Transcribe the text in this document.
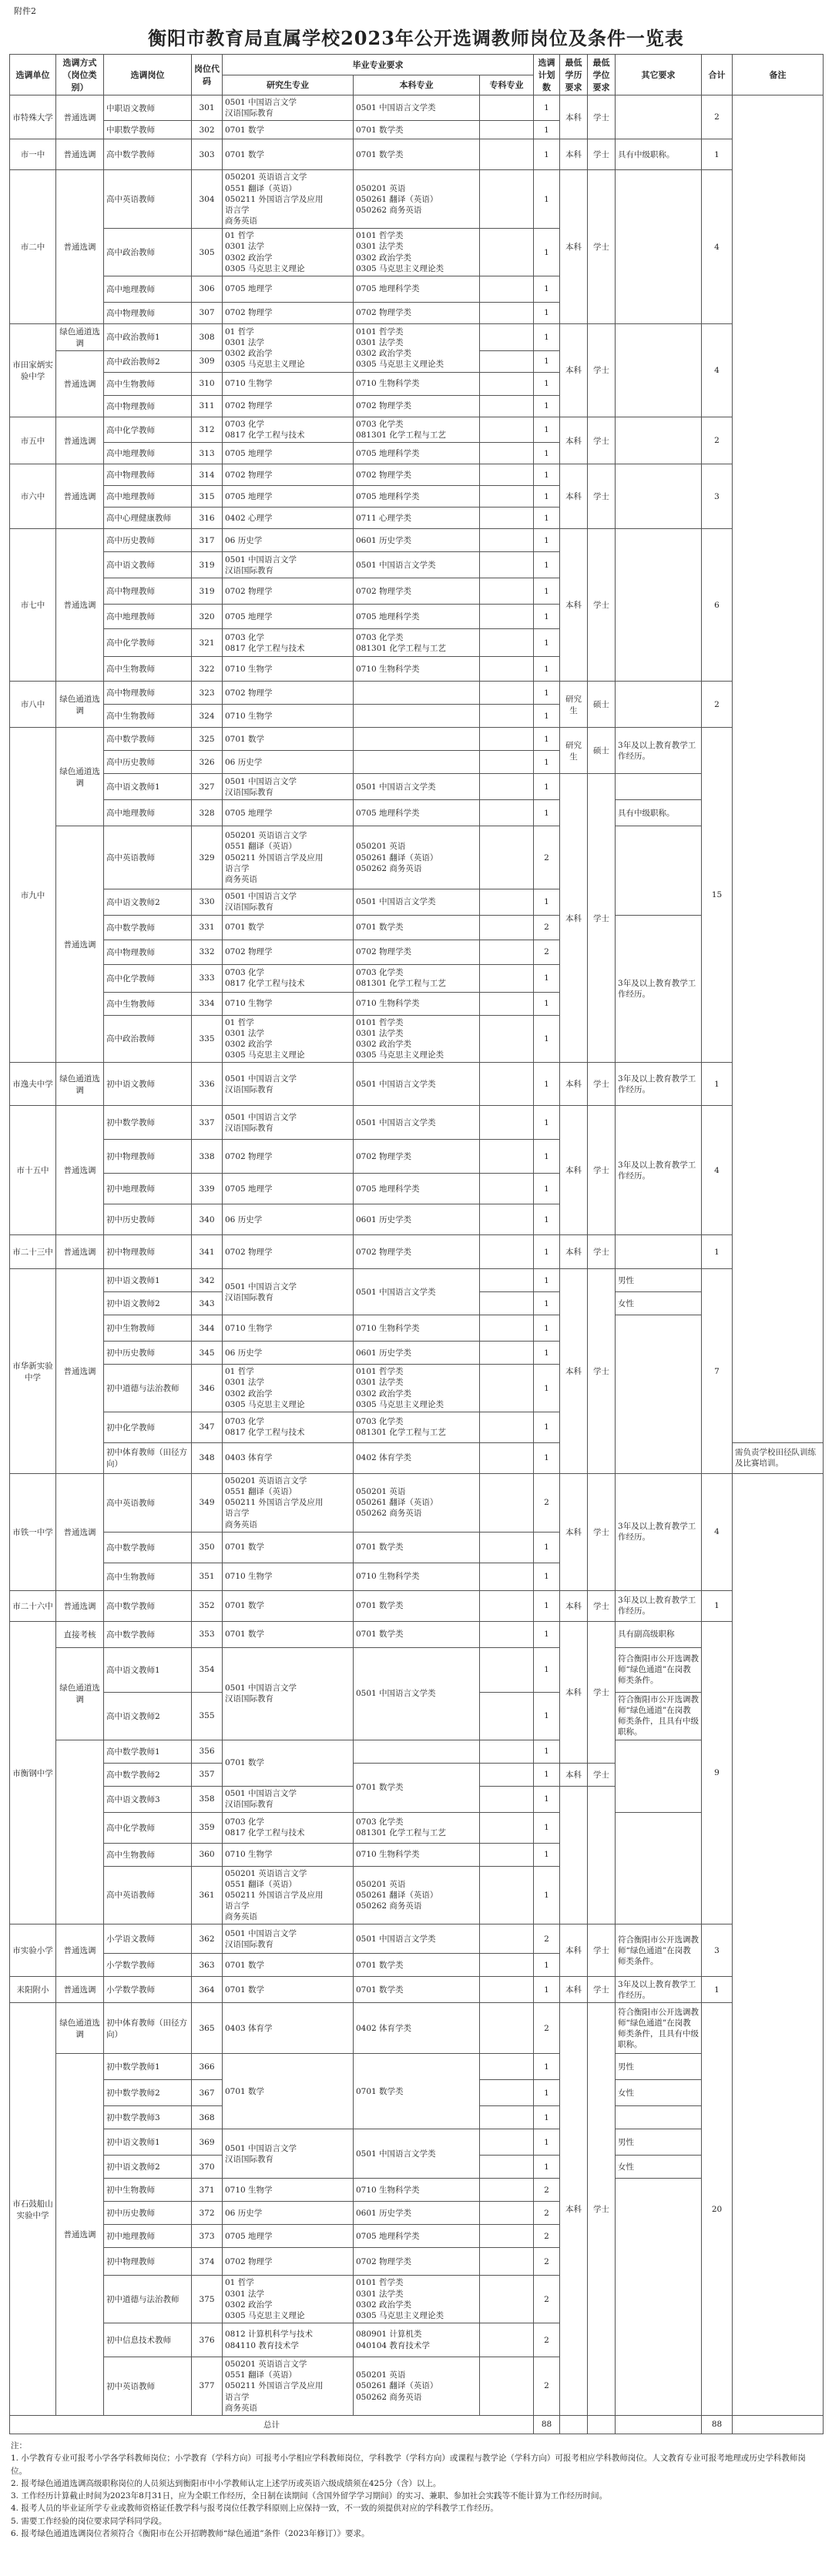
附件2
衡阳市教育局直属学校2023年公开选调教师岗位及条件一览表
选调单位	选调方式（岗位类别）	选调岗位	岗位代码	毕业专业要求			选调计划数	最低学历要求	最低学位要求	其它要求	合计	备注
				研究生专业	本科专业	专科专业						
市特殊大学	普通选调	中职语文教师	301	0501 中国语言文学
汉语国际教育	0501 中国语言文学类		1	本科	学士		2	
		中职数学教师	302	0701 数学	0701 数学类		1					
市一中	普通选调	高中数学教师	303	0701 数学	0701 数学类		1	本科	学士	具有中级职称。	1	
市二中	普通选调	高中英语教师	304	050201 英语语言文学
0551 翻译（英语）
050211 外国语言学及应用
语言学
商务英语	050201 英语
050261 翻译（英语）
050262 商务英语		1	本科	学士		4	
		高中政治教师	305	01 哲学
0301 法学
0302 政治学
0305 马克思主义理论	0101 哲学类
0301 法学类
0302 政治学类
0305 马克思主义理论类		1					
		高中地理教师	306	0705 地理学	0705 地理科学类		1					
		高中物理教师	307	0702 物理学	0702 物理学类		1					
市田家炳实验中学	绿色通道选调	高中政治教师1	308	01 哲学
0301 法学
0302 政治学
0305 马克思主义理论	0101 哲学类
0301 法学类
0302 政治学类
0305 马克思主义理论类		1	本科	学士		4	
	普通选调	高中政治教师2	309				1					
		高中生物教师	310	0710 生物学	0710 生物科学类		1					
		高中物理教师	311	0702 物理学	0702 物理学类		1					
市五中	普通选调	高中化学教师	312	0703 化学
0817 化学工程与技术	0703 化学类
081301 化学工程与工艺		1	本科	学士		2	
		高中地理教师	313	0705 地理学	0705 地理科学类		1					
市六中	普通选调	高中物理教师	314	0702 物理学	0702 物理学类		1	本科	学士		3	
		高中地理教师	315	0705 地理学	0705 地理科学类		1					
		高中心理健康教师	316	0402 心理学	0711 心理学类		1					
市七中	普通选调	高中历史教师	317	06 历史学	0601 历史学类		1	本科	学士		6	
		高中语文教师	319	0501 中国语言文学
汉语国际教育	0501 中国语言文学类		1					
		高中物理教师	319	0702 物理学	0702 物理学类		1					
		高中地理教师	320	0705 地理学	0705 地理科学类		1					
		高中化学教师	321	0703 化学
0817 化学工程与技术	0703 化学类
081301 化学工程与工艺		1					
		高中生物教师	322	0710 生物学	0710 生物科学类		1					
市八中	绿色通道选调	高中物理教师	323	0702 物理学			1	研究生	硕士		2	
		高中生物教师	324	0710 生物学			1					
市九中	绿色通道选调	高中数学教师	325	0701 数学			1	研究生	硕士	3年及以上教育教学工作经历。	15	
		高中历史教师	326	06 历史学			1					
		高中语文教师1	327	0501 中国语言文学
汉语国际教育	0501 中国语言文学类		1	本科	学士			
		高中地理教师	328	0705 地理学	0705 地理科学类		1			具有中级职称。		
	普通选调	高中英语教师	329	050201 英语语言文学
0551 翻译（英语）
050211 外国语言学及应用
语言学
商务英语	050201 英语
050261 翻译（英语）
050262 商务英语		2					
		高中语文教师2	330	0501 中国语言文学
汉语国际教育	0501 中国语言文学类		1					
		高中数学教师	331	0701 数学	0701 数学类		2			3年及以上教育教学工作经历。		
		高中物理教师	332	0702 物理学	0702 物理学类		2					
		高中化学教师	333	0703 化学
0817 化学工程与技术	0703 化学类
081301 化学工程与工艺		1					
		高中生物教师	334	0710 生物学	0710 生物科学类		1					
		高中政治教师	335	01 哲学
0301 法学
0302 政治学
0305 马克思主义理论	0101 哲学类
0301 法学类
0302 政治学类
0305 马克思主义理论类		1					
市逸夫中学	绿色通道选调	初中语文教师	336	0501 中国语言文学
汉语国际教育	0501 中国语言文学类		1	本科	学士	3年及以上教育教学工作经历。	1	
市十五中	普通选调	初中数学教师	337	0501 中国语言文学
汉语国际教育	0501 中国语言文学类		1	本科	学士	3年及以上教育教学工作经历。	4	
		初中物理教师	338	0702 物理学	0702 物理学类		1					
		初中地理教师	339	0705 地理学	0705 地理科学类		1					
		初中历史教师	340	06 历史学	0601 历史学类		1					
市二十三中	普通选调	初中物理教师	341	0702 物理学	0702 物理学类		1	本科	学士		1	
市华新实验中学	普通选调	初中语文教师1	342	0501 中国语言文学
汉语国际教育	0501 中国语言文学类		1	本科	学士	男性	7	
		初中语文教师2	343				1			女性		
		初中生物教师	344	0710 生物学	0710 生物科学类		1					
		初中历史教师	345	06 历史学	0601 历史学类		1					
		初中道德与法治教师	346	01 哲学
0301 法学
0302 政治学
0305 马克思主义理论	0101 哲学类
0301 法学类
0302 政治学类
0305 马克思主义理论类		1					
		初中化学教师	347	0703 化学
0817 化学工程与技术	0703 化学类
081301 化学工程与工艺		1					
		初中体育教师（田径方向）	348	0403 体育学	0402 体育学类		1					需负责学校田径队训练及比赛培训。
市铁一中学	普通选调	高中英语教师	349	050201 英语语言文学
0551 翻译（英语）
050211 外国语言学及应用
语言学
商务英语	050201 英语
050261 翻译（英语）
050262 商务英语		2	本科	学士	3年及以上教育教学工作经历。	4	
		高中数学教师	350	0701 数学	0701 数学类		1					
		高中生物教师	351	0710 生物学	0710 生物科学类		1					
市二十六中	普通选调	高中数学教师	352	0701 数学	0701 数学类		1	本科	学士	3年及以上教育教学工作经历。	1	
市衡钢中学	直接考核	高中数学教师	353	0701 数学	0701 数学类		1	本科	学士	具有副高级职称	9	
	绿色通道选调	高中语文教师1	354	0501 中国语言文学
汉语国际教育	0501 中国语言文学类		1			符合衡阳市公开选调教师“绿色通道”在岗教师类条件。		
		高中语文教师2	355				1			符合衡阳市公开选调教师“绿色通道”在岗教师类条件，且具有中级职称。		
		高中数学教师1	356	0701 数学			1					
		高中数学教师2	357		0701 数学类		1	本科	学士			
		高中语文教师3	358	0501 中国语言文学
汉语国际教育			1					
		高中化学教师	359	0703 化学
0817 化学工程与技术	0703 化学类
081301 化学工程与工艺		1					
		高中生物教师	360	0710 生物学	0710 生物科学类		1					
		高中英语教师	361	050201 英语语言文学
0551 翻译（英语）
050211 外国语言学及应用
语言学
商务英语	050201 英语
050261 翻译（英语）
050262 商务英语		1					
市实验小学	普通选调	小学语文教师	362	0501 中国语言文学
汉语国际教育	0501 中国语言文学类		2	本科	学士	符合衡阳市公开选调教师“绿色通道”在岗教师类条件。	3	
		小学数学教师	363	0701 数学	0701 数学类		1					
耒阳附小	普通选调	小学数学教师	364	0701 数学	0701 数学类		1	本科	学士	3年及以上教育教学工作经历。	1	
市石鼓船山实验中学	绿色通道选调	初中体育教师（田径方向）	365	0403 体育学	0402 体育学类		2	本科	学士	符合衡阳市公开选调教师“绿色通道”在岗教师类条件，且具有中级职称。	20	
	普通选调	初中数学教师1	366	0701 数学	0701 数学类		1			男性		
		初中数学教师2	367				1			女性		
		初中数学教师3	368				1					
		初中语文教师1	369	0501 中国语言文学
汉语国际教育	0501 中国语言文学类		1			男性		
		初中语文教师2	370				1			女性		
		初中生物教师	371	0710 生物学	0710 生物科学类		2					
		初中历史教师	372	06 历史学	0601 历史学类		2					
		初中地理教师	373	0705 地理学	0705 地理科学类		2					
		初中物理教师	374	0702 物理学	0702 物理学类		2					
		初中道德与法治教师	375	01 哲学
0301 法学
0302 政治学
0305 马克思主义理论	0101 哲学类
0301 法学类
0302 政治学类
0305 马克思主义理论类		2					
		初中信息技术教师	376	0812 计算机科学与技术
084110 教育技术学	080901 计算机类
040104 教育技术学		2					
		初中英语教师	377	050201 英语语言文学
0551 翻译（英语）
050211 外国语言学及应用
语言学
商务英语	050201 英语
050261 翻译（英语）
050262 商务英语		2					
总计							88				88	

注：

1. 小学教育专业可报考小学各学科教师岗位；小学教育（学科方向）可报考小学相应学科教师岗位，学科教学（学科方向）或课程与教学论（学科方向）可报考相应学科教师岗位。人文教育专业可报考地理或历史学科教师岗位。

2. 报考绿色通道选调高级职称岗位的人员须达到衡阳市中小学教师认定上述学历或英语六级成绩须在425分（含）以上。

3. 工作经历计算截止时间为2023年8月31日，应为全职工作经历，全日制在读期间（含国外留学学习期间）的实习、兼职、参加社会实践等不能计算为工作经历时间。

4. 报考人员的毕业证所学专业或教师资格证任教学科与报考岗位任教学科原则上应保持一致，不一致的须提供对应的学科教学工作经历。

5. 需要工作经验的岗位要求同学科同学段。

6. 报考绿色通道选调岗位者须符合《衡阳市在公开招聘教师“绿色通道”条件（2023年修订）》要求。
